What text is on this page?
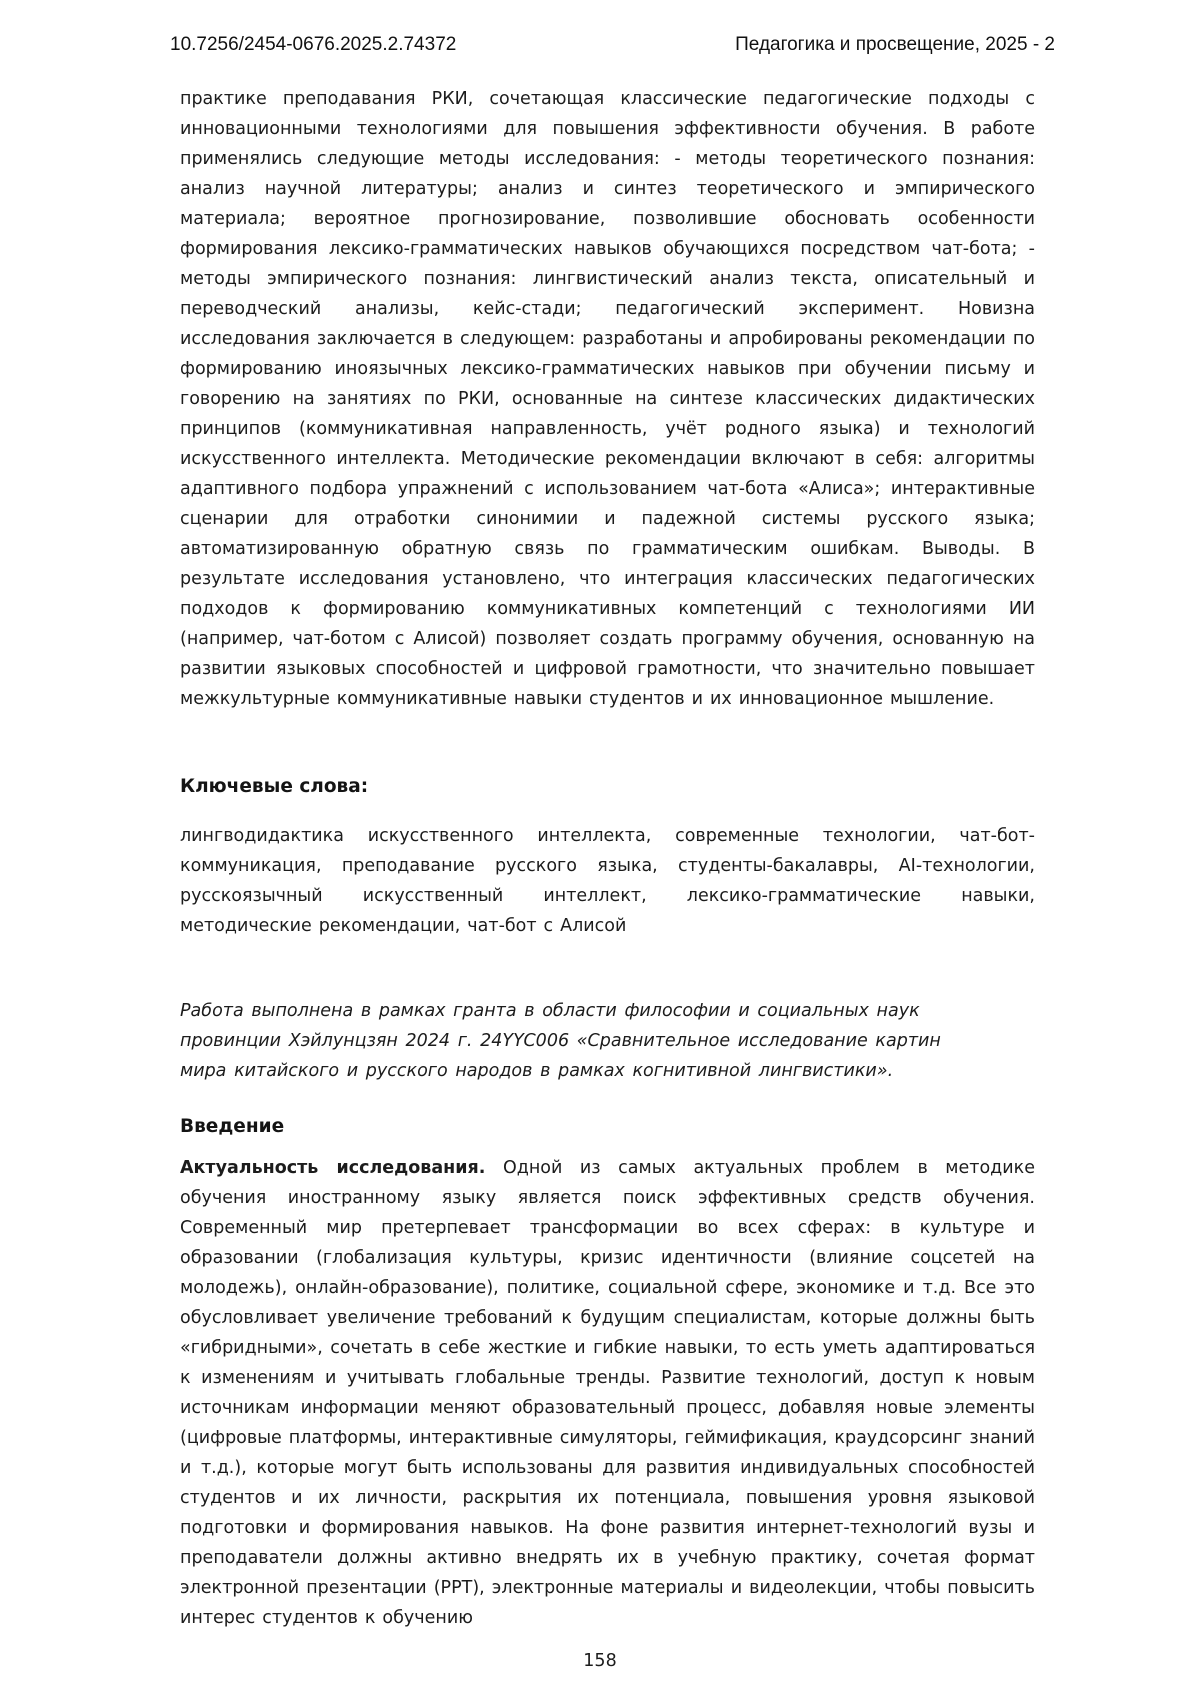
10.7256/2454-0676.2025.2.74372	Педагогика и просвещение, 2025 - 2

практике преподавания РКИ, сочетающая классические педагогические подходы с инновационными технологиями для повышения эффективности обучения. В работе применялись следующие методы исследования: - методы теоретического познания: анализ научной литературы; анализ и синтез теоретического и эмпирического материала; вероятное прогнозирование, позволившие обосновать особенности формирования лексико-грамматических навыков обучающихся посредством чат-бота; - методы эмпирического познания: лингвистический анализ текста, описательный и переводческий анализы, кейс-стади; педагогический эксперимент. Новизна исследования заключается в следующем: разработаны и апробированы рекомендации по формированию иноязычных лексико-грамматических навыков при обучении письму и говорению на занятиях по РКИ, основанные на синтезе классических дидактических принципов (коммуникативная направленность, учёт родного языка) и технологий искусственного интеллекта. Методические рекомендации включают в себя: алгоритмы адаптивного подбора упражнений с использованием чат-бота «Алиса»; интерактивные сценарии для отработки синонимии и падежной системы русского языка; автоматизированную обратную связь по грамматическим ошибкам. Выводы. В результате исследования установлено, что интеграция классических педагогических подходов к формированию коммуникативных компетенций с технологиями ИИ (например, чат-ботом с Алисой) позволяет создать программу обучения, основанную на развитии языковых способностей и цифровой грамотности, что значительно повышает межкультурные коммуникативные навыки студентов и их инновационное мышление.

Ключевые слова:

лингводидактика искусственного интеллекта, современные технологии, чат-бот-коммуникация, преподавание русского языка, студенты-бакалавры, AI-технологии, русскоязычный искусственный интеллект, лексико-грамматические навыки, методические рекомендации, чат-бот с Алисой

Работа выполнена в рамках гранта в области философии и социальных наук провинции Хэйлунцзян 2024 г. 24YYC006 «Сравнительное исследование картин мира китайского и русского народов в рамках когнитивной лингвистики».

Введение

Актуальность исследования. Одной из самых актуальных проблем в методике обучения иностранному языку является поиск эффективных средств обучения. Современный мир претерпевает трансформации во всех сферах: в культуре и образовании (глобализация культуры, кризис идентичности (влияние соцсетей на молодежь), онлайн-образование), политике, социальной сфере, экономике и т.д. Все это обусловливает увеличение требований к будущим специалистам, которые должны быть «гибридными», сочетать в себе жесткие и гибкие навыки, то есть уметь адаптироваться к изменениям и учитывать глобальные тренды. Развитие технологий, доступ к новым источникам информации меняют образовательный процесс, добавляя новые элементы (цифровые платформы, интерактивные симуляторы, геймификация, краудсорсинг знаний и т.д.), которые могут быть использованы для развития индивидуальных способностей студентов и их личности, раскрытия их потенциала, повышения уровня языковой подготовки и формирования навыков. На фоне развития интернет-технологий вузы и преподаватели должны активно внедрять их в учебную практику, сочетая формат электронной презентации (PPT), электронные материалы и видеолекции, чтобы повысить интерес студентов к обучению

158
